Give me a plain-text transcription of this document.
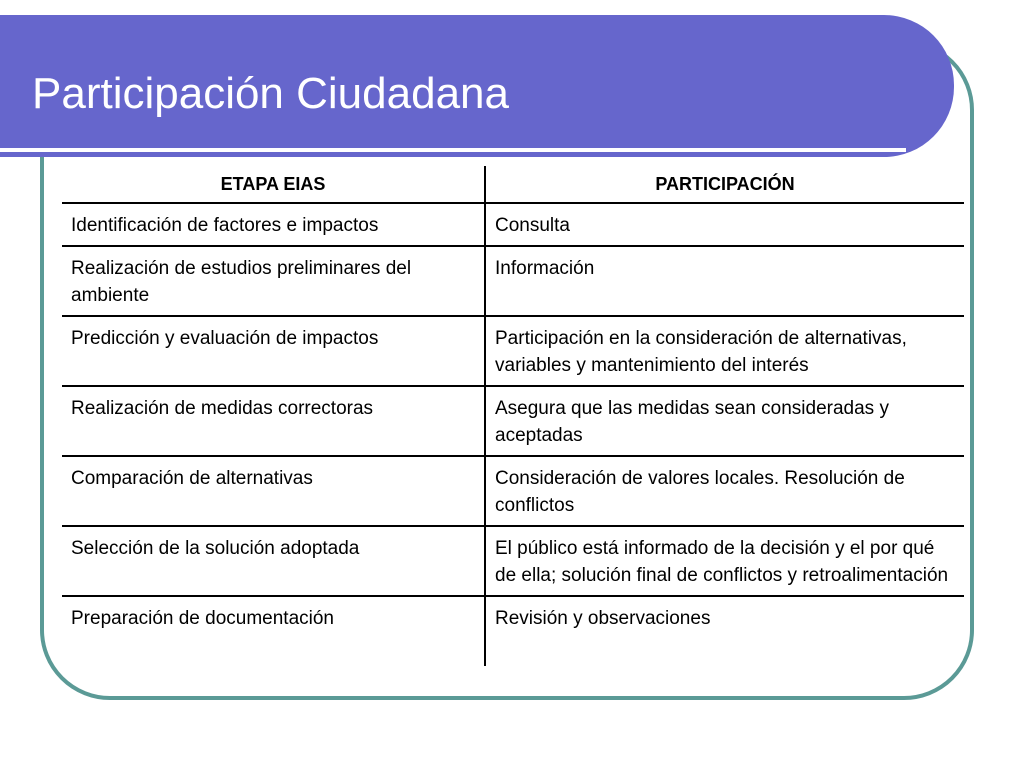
Participación Ciudadana
ETAPA EIAS	PARTICIPACIÓN
Identificación de factores e impactos	Consulta
Realización de estudios preliminares del ambiente	Información
Predicción y evaluación de impactos	Participación en la consideración de alternativas, variables y mantenimiento del interés
Realización de medidas correctoras	Asegura que las medidas sean consideradas y aceptadas
Comparación de alternativas	Consideración de valores locales. Resolución de conflictos
Selección de la solución adoptada	El público está informado de la decisión y el por qué de ella; solución final de conflictos y retroalimentación
Preparación de documentación	Revisión y observaciones
